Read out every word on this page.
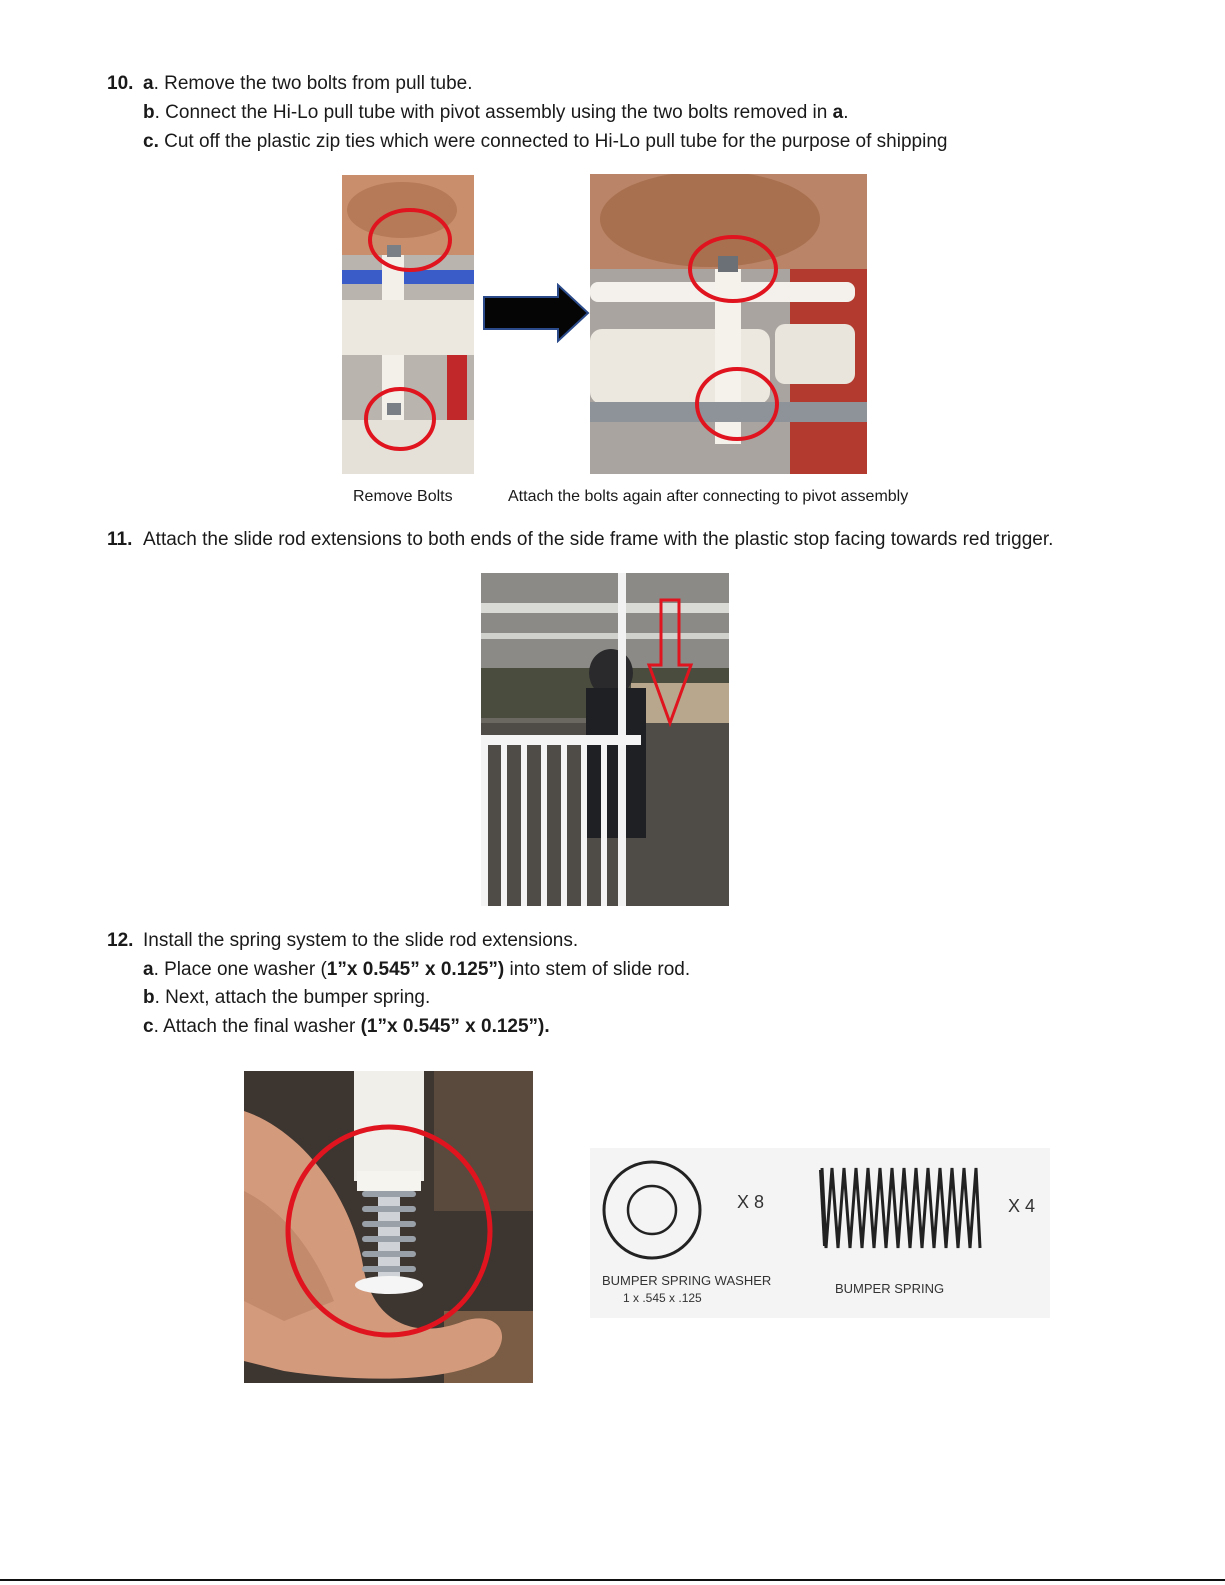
10. a. Remove the two bolts from pull tube.
b. Connect the Hi-Lo pull tube with pivot assembly using the two bolts removed in a.
c. Cut off the plastic zip ties which were connected to Hi-Lo pull tube for the purpose of shipping
Remove Bolts	Attach the bolts again after connecting to pivot assembly
11. Attach the slide rod extensions to both ends of the side frame with the plastic stop facing towards red trigger.
12. Install the spring system to the slide rod extensions.
a. Place one washer (1”x 0.545” x 0.125”) into stem of slide rod.
b. Next, attach the bumper spring.
c. Attach the final washer (1”x 0.545” x 0.125”).
X 8	X 4
BUMPER SPRING WASHER
1 x .545 x .125
BUMPER SPRING
